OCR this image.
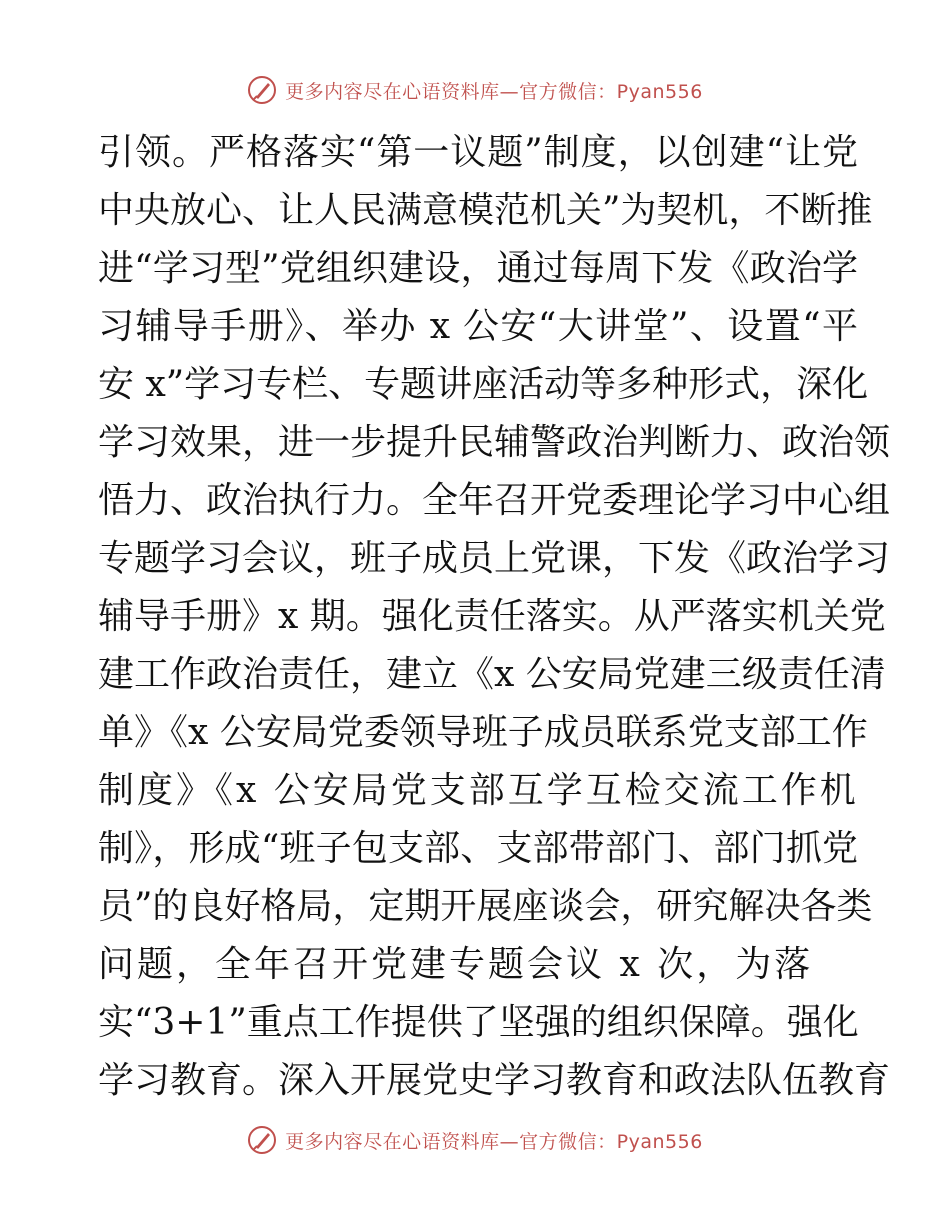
更多内容尽在心语资料库—官方微信：Pyan556
引领。严格落实“第一议题”制度，以创建“让党
中央放心、让人民满意模范机关”为契机，不断推
进“学习型”党组织建设，通过每周下发《政治学
习辅导手册》、举办 x 公安“大讲堂”、设置“平
安 x”学习专栏、专题讲座活动等多种形式，深化
学习效果，进一步提升民辅警政治判断力、政治领
悟力、政治执行力。全年召开党委理论学习中心组
专题学习会议，班子成员上党课，下发《政治学习
辅导手册》x 期。强化责任落实。从严落实机关党
建工作政治责任，建立《x 公安局党建三级责任清
单》《x 公安局党委领导班子成员联系党支部工作
制度》《x 公安局党支部互学互检交流工作机
制》，形成“班子包支部、支部带部门、部门抓党
员”的良好格局，定期开展座谈会，研究解决各类
问题，全年召开党建专题会议 x 次，为落
实“3+1”重点工作提供了坚强的组织保障。强化
学习教育。深入开展党史学习教育和政法队伍教育
更多内容尽在心语资料库—官方微信：Pyan556
